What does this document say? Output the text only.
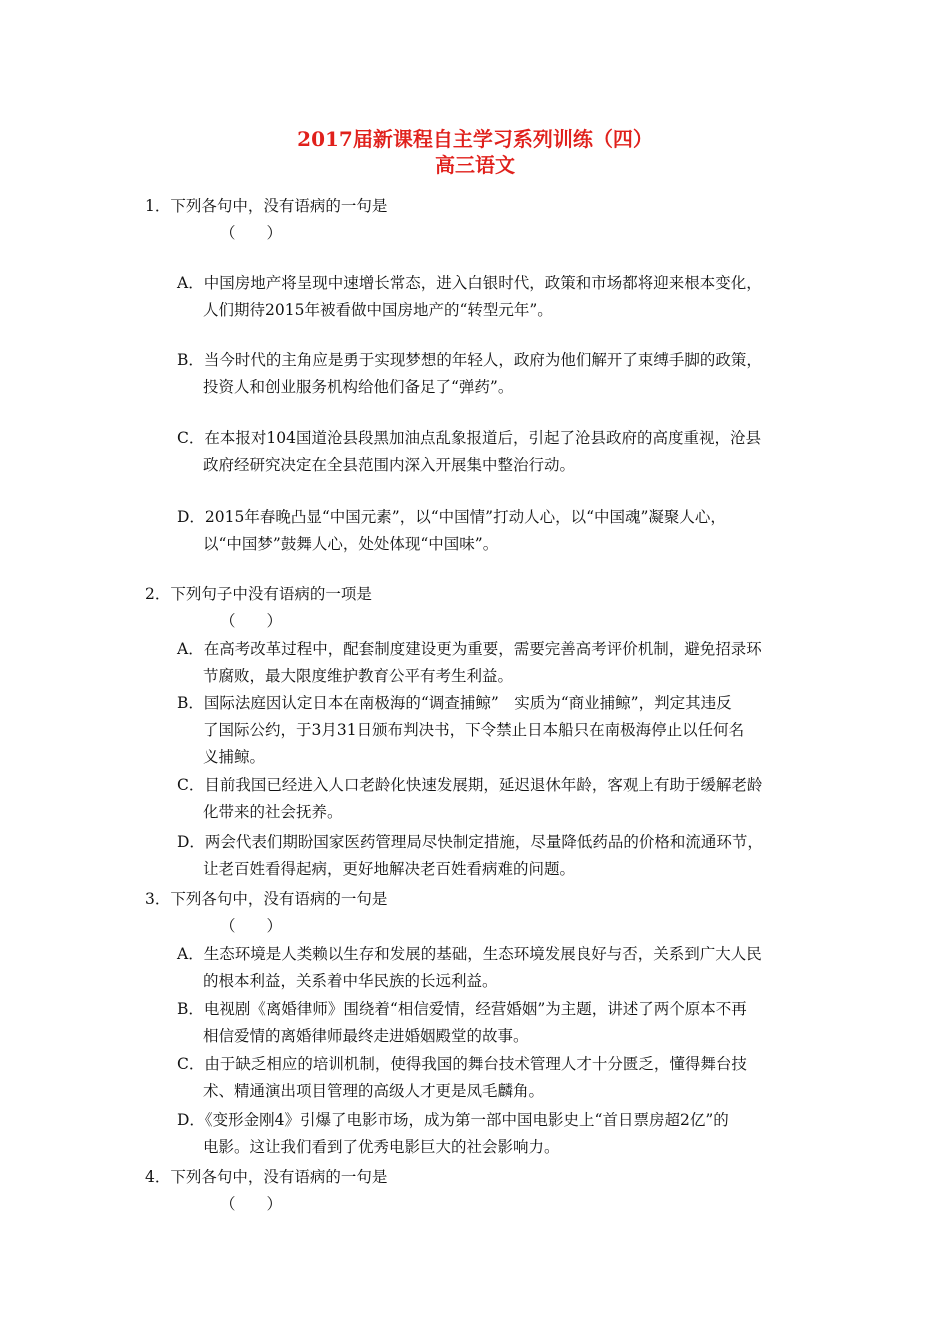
2017届新课程自主学习系列训练（四）
高三语文
1．下列各句中，没有语病的一句是
（　　）
A．中国房地产将呈现中速增长常态，进入白银时代，政策和市场都将迎来根本变化，
人们期待2015年被看做中国房地产的“转型元年”。
B．当今时代的主角应是勇于实现梦想的年轻人，政府为他们解开了束缚手脚的政策，
投资人和创业服务机构给他们备足了“弹药”。
C．在本报对104国道沧县段黑加油点乱象报道后，引起了沧县政府的高度重视，沧县
政府经研究决定在全县范围内深入开展集中整治行动。
D．2015年春晚凸显“中国元素”，以“中国情”打动人心，以“中国魂”凝聚人心，
以“中国梦”鼓舞人心，处处体现“中国味”。
2．下列句子中没有语病的一项是
（　　）
A．在高考改革过程中，配套制度建设更为重要，需要完善高考评价机制，避免招录环
节腐败，最大限度维护教育公平有考生利益。
B．国际法庭因认定日本在南极海的“调查捕鲸”　实质为“商业捕鲸”，判定其违反
了国际公约，于3月31日颁布判决书，下令禁止日本船只在南极海停止以任何名
义捕鲸。
C．目前我国已经进入人口老龄化快速发展期，延迟退休年龄，客观上有助于缓解老龄
化带来的社会抚养。
D．两会代表们期盼国家医药管理局尽快制定措施，尽量降低药品的价格和流通环节，
让老百姓看得起病，更好地解决老百姓看病难的问题。
3．下列各句中，没有语病的一句是
（　　）
A．生态环境是人类赖以生存和发展的基础，生态环境发展良好与否，关系到广大人民
的根本利益，关系着中华民族的长远利益。
B．电视剧《离婚律师》围绕着“相信爱情，经营婚姻”为主题，讲述了两个原本不再
相信爱情的离婚律师最终走进婚姻殿堂的故事。
C．由于缺乏相应的培训机制，使得我国的舞台技术管理人才十分匮乏，懂得舞台技
术、精通演出项目管理的高级人才更是凤毛麟角。
D．《变形金刚4》引爆了电影市场，成为第一部中国电影史上“首日票房超2亿”的
电影。这让我们看到了优秀电影巨大的社会影响力。
4．下列各句中，没有语病的一句是
（　　）
